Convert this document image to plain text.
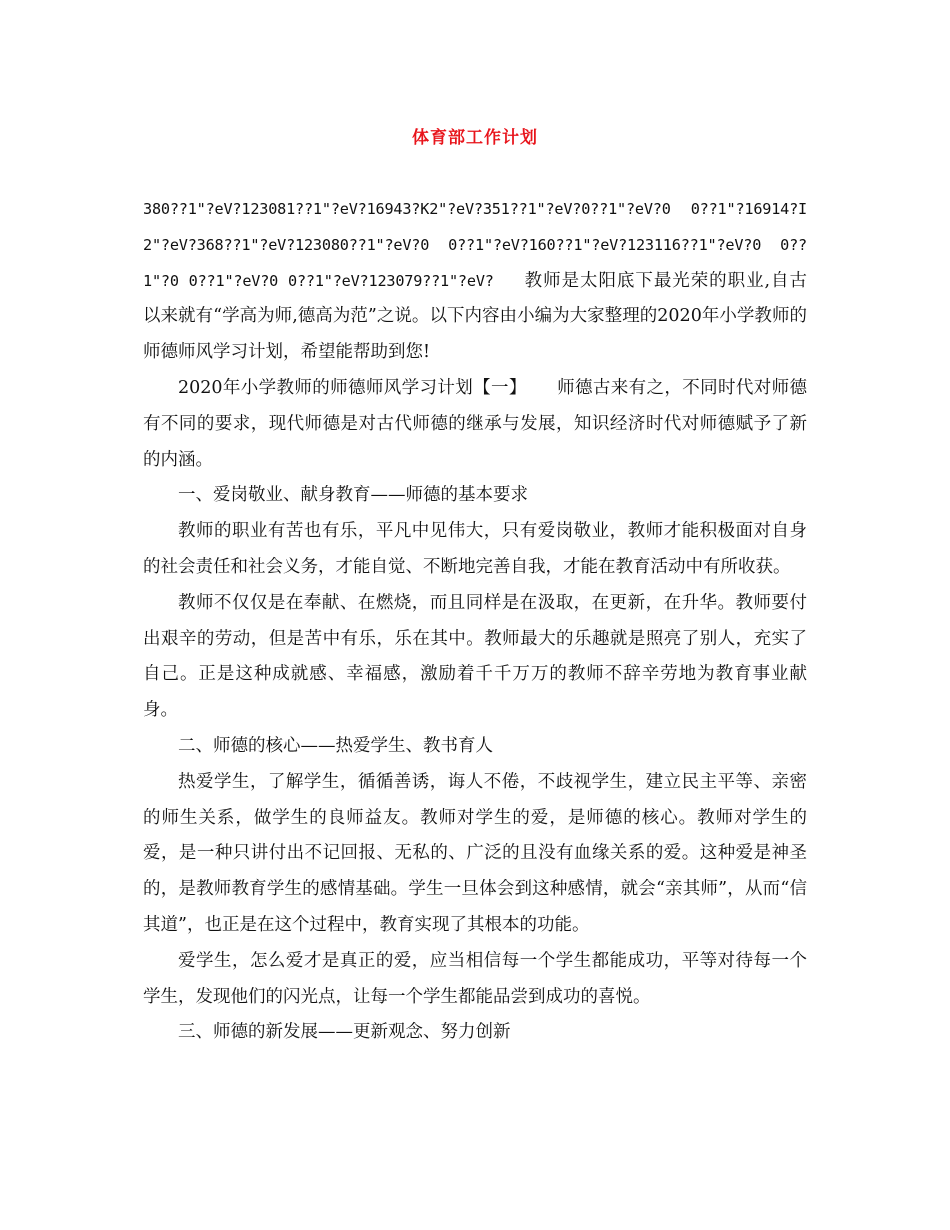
体育部工作计划

380??1"?eV?123081??1"?eV?16943?K2"?eV?351??1"?eV?0??1"?eV?0 0??1"?16914?I2"?eV?368??1"?eV?123080??1"?eV?0 0??1"?eV?160??1"?eV?123116??1"?eV?0 0??1"?0 0??1"?eV?0 0??1"?eV?123079??1"?eV? 教师是太阳底下最光荣的职业,自古以来就有“学高为师,德高为范”之说。以下内容由小编为大家整理的2020年小学教师的师德师风学习计划，希望能帮助到您!

2020年小学教师的师德师风学习计划【一】 师德古来有之，不同时代对师德有不同的要求，现代师德是对古代师德的继承与发展，知识经济时代对师德赋予了新的内涵。

一、爱岗敬业、献身教育——师德的基本要求

教师的职业有苦也有乐，平凡中见伟大，只有爱岗敬业，教师才能积极面对自身的社会责任和社会义务，才能自觉、不断地完善自我，才能在教育活动中有所收获。

教师不仅仅是在奉献、在燃烧，而且同样是在汲取，在更新，在升华。教师要付出艰辛的劳动，但是苦中有乐，乐在其中。教师最大的乐趣就是照亮了别人，充实了自己。正是这种成就感、幸福感，激励着千千万万的教师不辞辛劳地为教育事业献身。

二、师德的核心——热爱学生、教书育人

热爱学生，了解学生，循循善诱，诲人不倦，不歧视学生，建立民主平等、亲密的师生关系，做学生的良师益友。教师对学生的爱，是师德的核心。教师对学生的爱，是一种只讲付出不记回报、无私的、广泛的且没有血缘关系的爱。这种爱是神圣的，是教师教育学生的感情基础。学生一旦体会到这种感情，就会“亲其师”，从而“信其道”，也正是在这个过程中，教育实现了其根本的功能。

爱学生，怎么爱才是真正的爱，应当相信每一个学生都能成功，平等对待每一个学生，发现他们的闪光点，让每一个学生都能品尝到成功的喜悦。

三、师德的新发展——更新观念、努力创新
